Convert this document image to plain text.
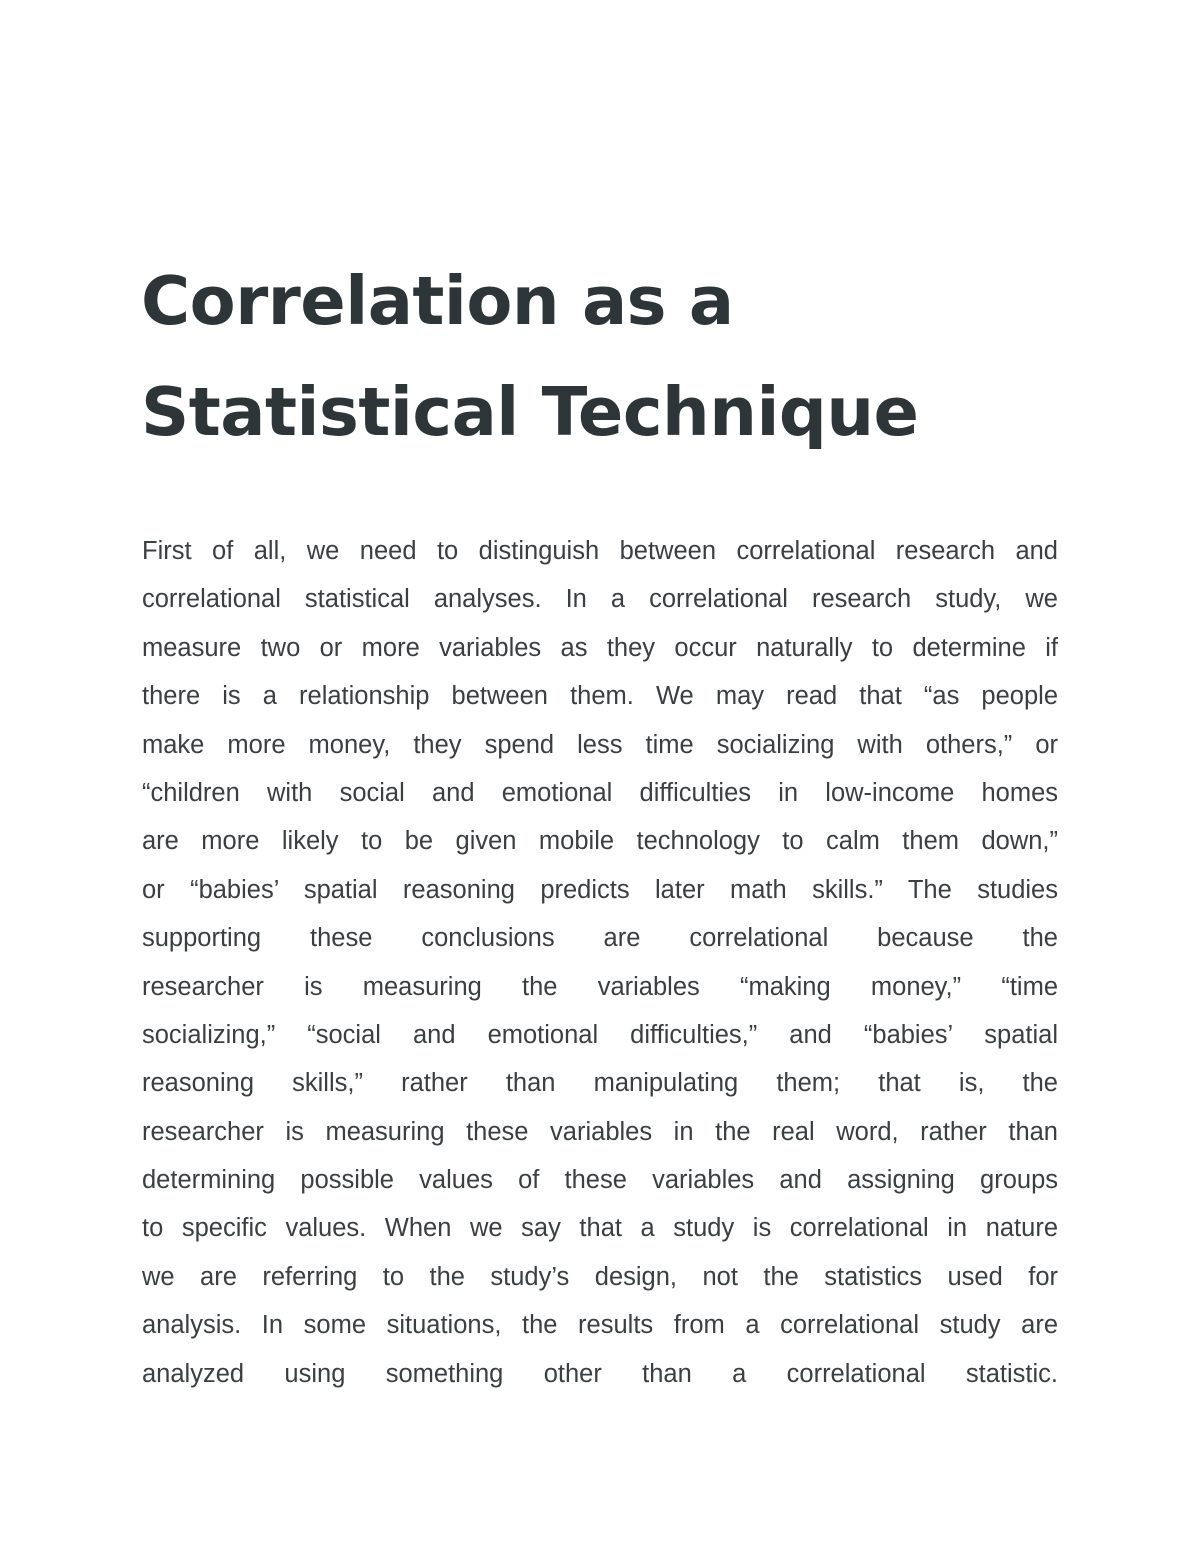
Correlation as a
Statistical Technique
First of all, we need to distinguish between correlational research and
correlational statistical analyses. In a correlational research study, we
measure two or more variables as they occur naturally to determine if
there is a relationship between them. We may read that “as people
make more money, they spend less time socializing with others,” or
“children with social and emotional difficulties in low-income homes
are more likely to be given mobile technology to calm them down,”
or “babies’ spatial reasoning predicts later math skills.” The studies
supporting these conclusions are correlational because the
researcher is measuring the variables “making money,” “time
socializing,” “social and emotional difficulties,” and “babies’ spatial
reasoning skills,” rather than manipulating them; that is, the
researcher is measuring these variables in the real word, rather than
determining possible values of these variables and assigning groups
to specific values. When we say that a study is correlational in nature
we are referring to the study’s design, not the statistics used for
analysis. In some situations, the results from a correlational study are
analyzed using something other than a correlational statistic.
